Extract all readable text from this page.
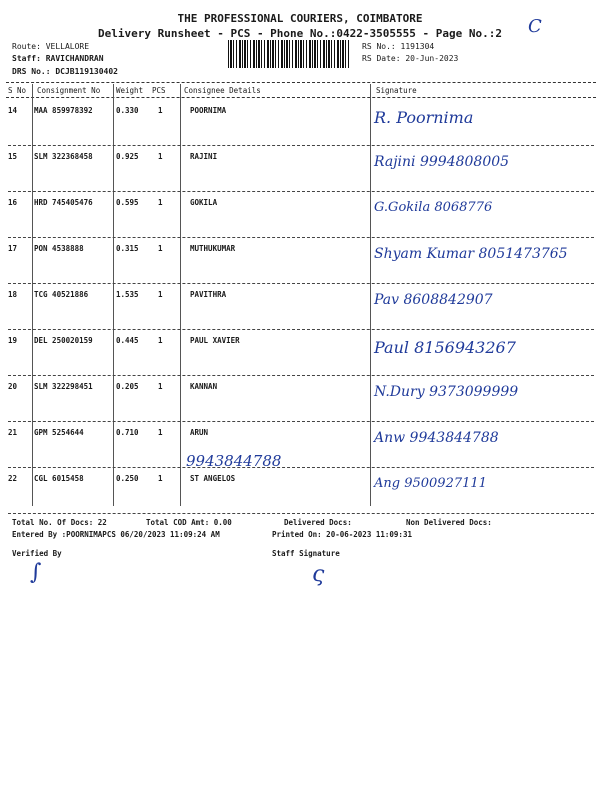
THE PROFESSIONAL COURIERS, COIMBATORE
Delivery Runsheet - PCS - Phone No.:0422-3505555 - Page No.:2	C
Route: VELLALORE
Staff: RAVICHANDRAN
DRS No.: DCJB119130402
RS No.: 1191304
RS Date: 20-Jun-2023
S No Consignment No Weight PCS Consignee Details	Signature
14 MAA 859978392	0.330	1	POORNIMA	R. Poornima
15 SLM 322368458	0.925	1	RAJINI	Rajini 9994808005
16 HRD 745405476	0.595	1	GOKILA	G.Gokila 8068776
17 PON 4538888	0.315	1	MUTHUKUMAR	Shyam Kumar 8051473765
18 TCG 40521886	1.535	1	PAVITHRA	Pav 8608842907
19 DEL 250020159	0.445	1	PAUL XAVIER	Paul 8156943267
20 SLM 322298451	0.205	1	KANNAN	N.Dury 9373099999
21 GPM 5254644	0.710	1	ARUN	Anw 9943844788
22 CGL 6015458	0.250	1	ST ANGELOS	Ang 9500927111
9943844788
Total No. Of Docs: 22	Total COD Amt: 0.00	Delivered Docs:	Non Delivered Docs:
Entered By :POORNIMAPCS 06/20/2023 11:09:24 AM	Printed On: 20-06-2023 11:09:31
Verified By	Staff Signature
∫	ς
